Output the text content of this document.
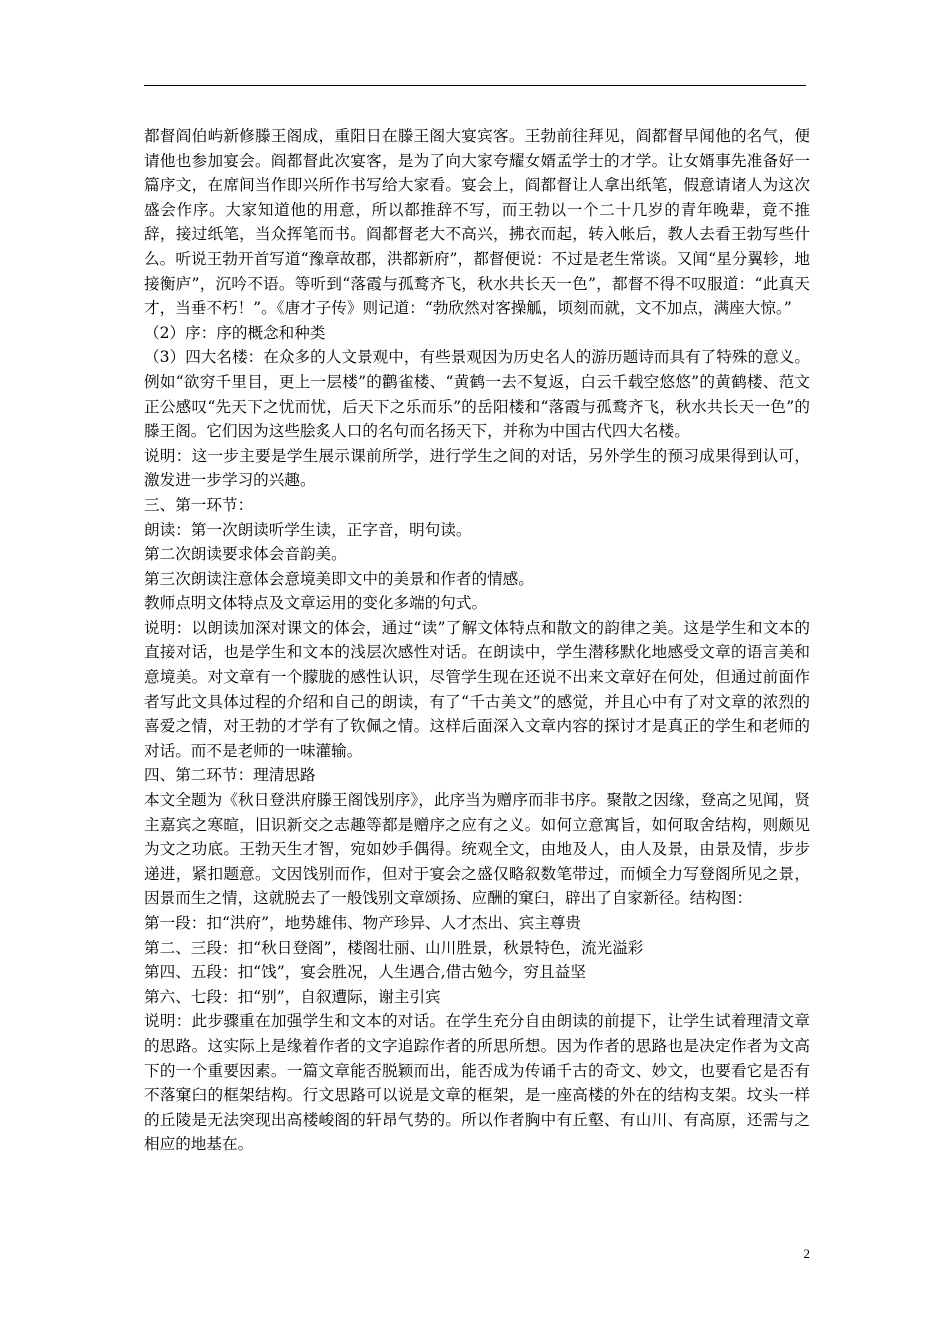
都督阎伯屿新修滕王阁成，重阳日在滕王阁大宴宾客。王勃前往拜见，阎都督早闻他的名气，便请他也参加宴会。阎都督此次宴客，是为了向大家夸耀女婿孟学士的才学。让女婿事先准备好一篇序文，在席间当作即兴所作书写给大家看。宴会上，阎都督让人拿出纸笔，假意请诸人为这次盛会作序。大家知道他的用意，所以都推辞不写，而王勃以一个二十几岁的青年晚辈，竟不推辞，接过纸笔，当众挥笔而书。阎都督老大不高兴，拂衣而起，转入帐后，教人去看王勃写些什么。听说王勃开首写道“豫章故郡，洪都新府”，都督便说：不过是老生常谈。又闻“星分翼轸，地接衡庐”，沉吟不语。等听到“落霞与孤鹜齐飞，秋水共长天一色”，都督不得不叹服道：“此真天才，当垂不朽！”。《唐才子传》则记道：“勃欣然对客操觚，顷刻而就，文不加点，满座大惊。”

（2）序：序的概念和种类

（3）四大名楼：在众多的人文景观中，有些景观因为历史名人的游历题诗而具有了特殊的意义。例如“欲穷千里目，更上一层楼”的鹳雀楼、“黄鹤一去不复返，白云千载空悠悠”的黄鹤楼、范文正公感叹“先天下之忧而忧，后天下之乐而乐”的岳阳楼和“落霞与孤鹜齐飞，秋水共长天一色”的滕王阁。它们因为这些脍炙人口的名句而名扬天下，并称为中国古代四大名楼。

说明：这一步主要是学生展示课前所学，进行学生之间的对话，另外学生的预习成果得到认可，激发进一步学习的兴趣。

三、第一环节：

朗读：第一次朗读听学生读，正字音，明句读。

第二次朗读要求体会音韵美。

第三次朗读注意体会意境美即文中的美景和作者的情感。

教师点明文体特点及文章运用的变化多端的句式。

说明：以朗读加深对课文的体会，通过“读”了解文体特点和散文的韵律之美。这是学生和文本的直接对话，也是学生和文本的浅层次感性对话。在朗读中，学生潜移默化地感受文章的语言美和意境美。对文章有一个朦胧的感性认识，尽管学生现在还说不出来文章好在何处，但通过前面作者写此文具体过程的介绍和自己的朗读，有了“千古美文”的感觉，并且心中有了对文章的浓烈的喜爱之情，对王勃的才学有了钦佩之情。这样后面深入文章内容的探讨才是真正的学生和老师的对话。而不是老师的一味灌输。

四、第二环节：理清思路

本文全题为《秋日登洪府滕王阁饯别序》，此序当为赠序而非书序。聚散之因缘，登高之见闻，贤主嘉宾之寒暄，旧识新交之志趣等都是赠序之应有之义。如何立意寓旨，如何取舍结构，则颇见为文之功底。王勃天生才智，宛如妙手偶得。统观全文，由地及人，由人及景，由景及情，步步递进，紧扣题意。文因饯别而作，但对于宴会之盛仅略叙数笔带过，而倾全力写登阁所见之景，因景而生之情，这就脱去了一般饯别文章颂扬、应酬的窠臼，辟出了自家新径。结构图：

第一段：扣“洪府”，地势雄伟、物产珍异、人才杰出、宾主尊贵

第二、三段：扣“秋日登阁”，楼阁壮丽、山川胜景，秋景特色，流光溢彩

第四、五段：扣“饯”，宴会胜况，人生遇合,借古勉今，穷且益坚

第六、七段：扣“别”，自叙遭际，谢主引宾

说明：此步骤重在加强学生和文本的对话。在学生充分自由朗读的前提下，让学生试着理清文章的思路。这实际上是缘着作者的文字追踪作者的所思所想。因为作者的思路也是决定作者为文高下的一个重要因素。一篇文章能否脱颖而出，能否成为传诵千古的奇文、妙文，也要看它是否有不落窠臼的框架结构。行文思路可以说是文章的框架，是一座高楼的外在的结构支架。坟头一样的丘陵是无法突现出高楼峻阁的轩昂气势的。所以作者胸中有丘壑、有山川、有高原，还需与之相应的地基在。

2
